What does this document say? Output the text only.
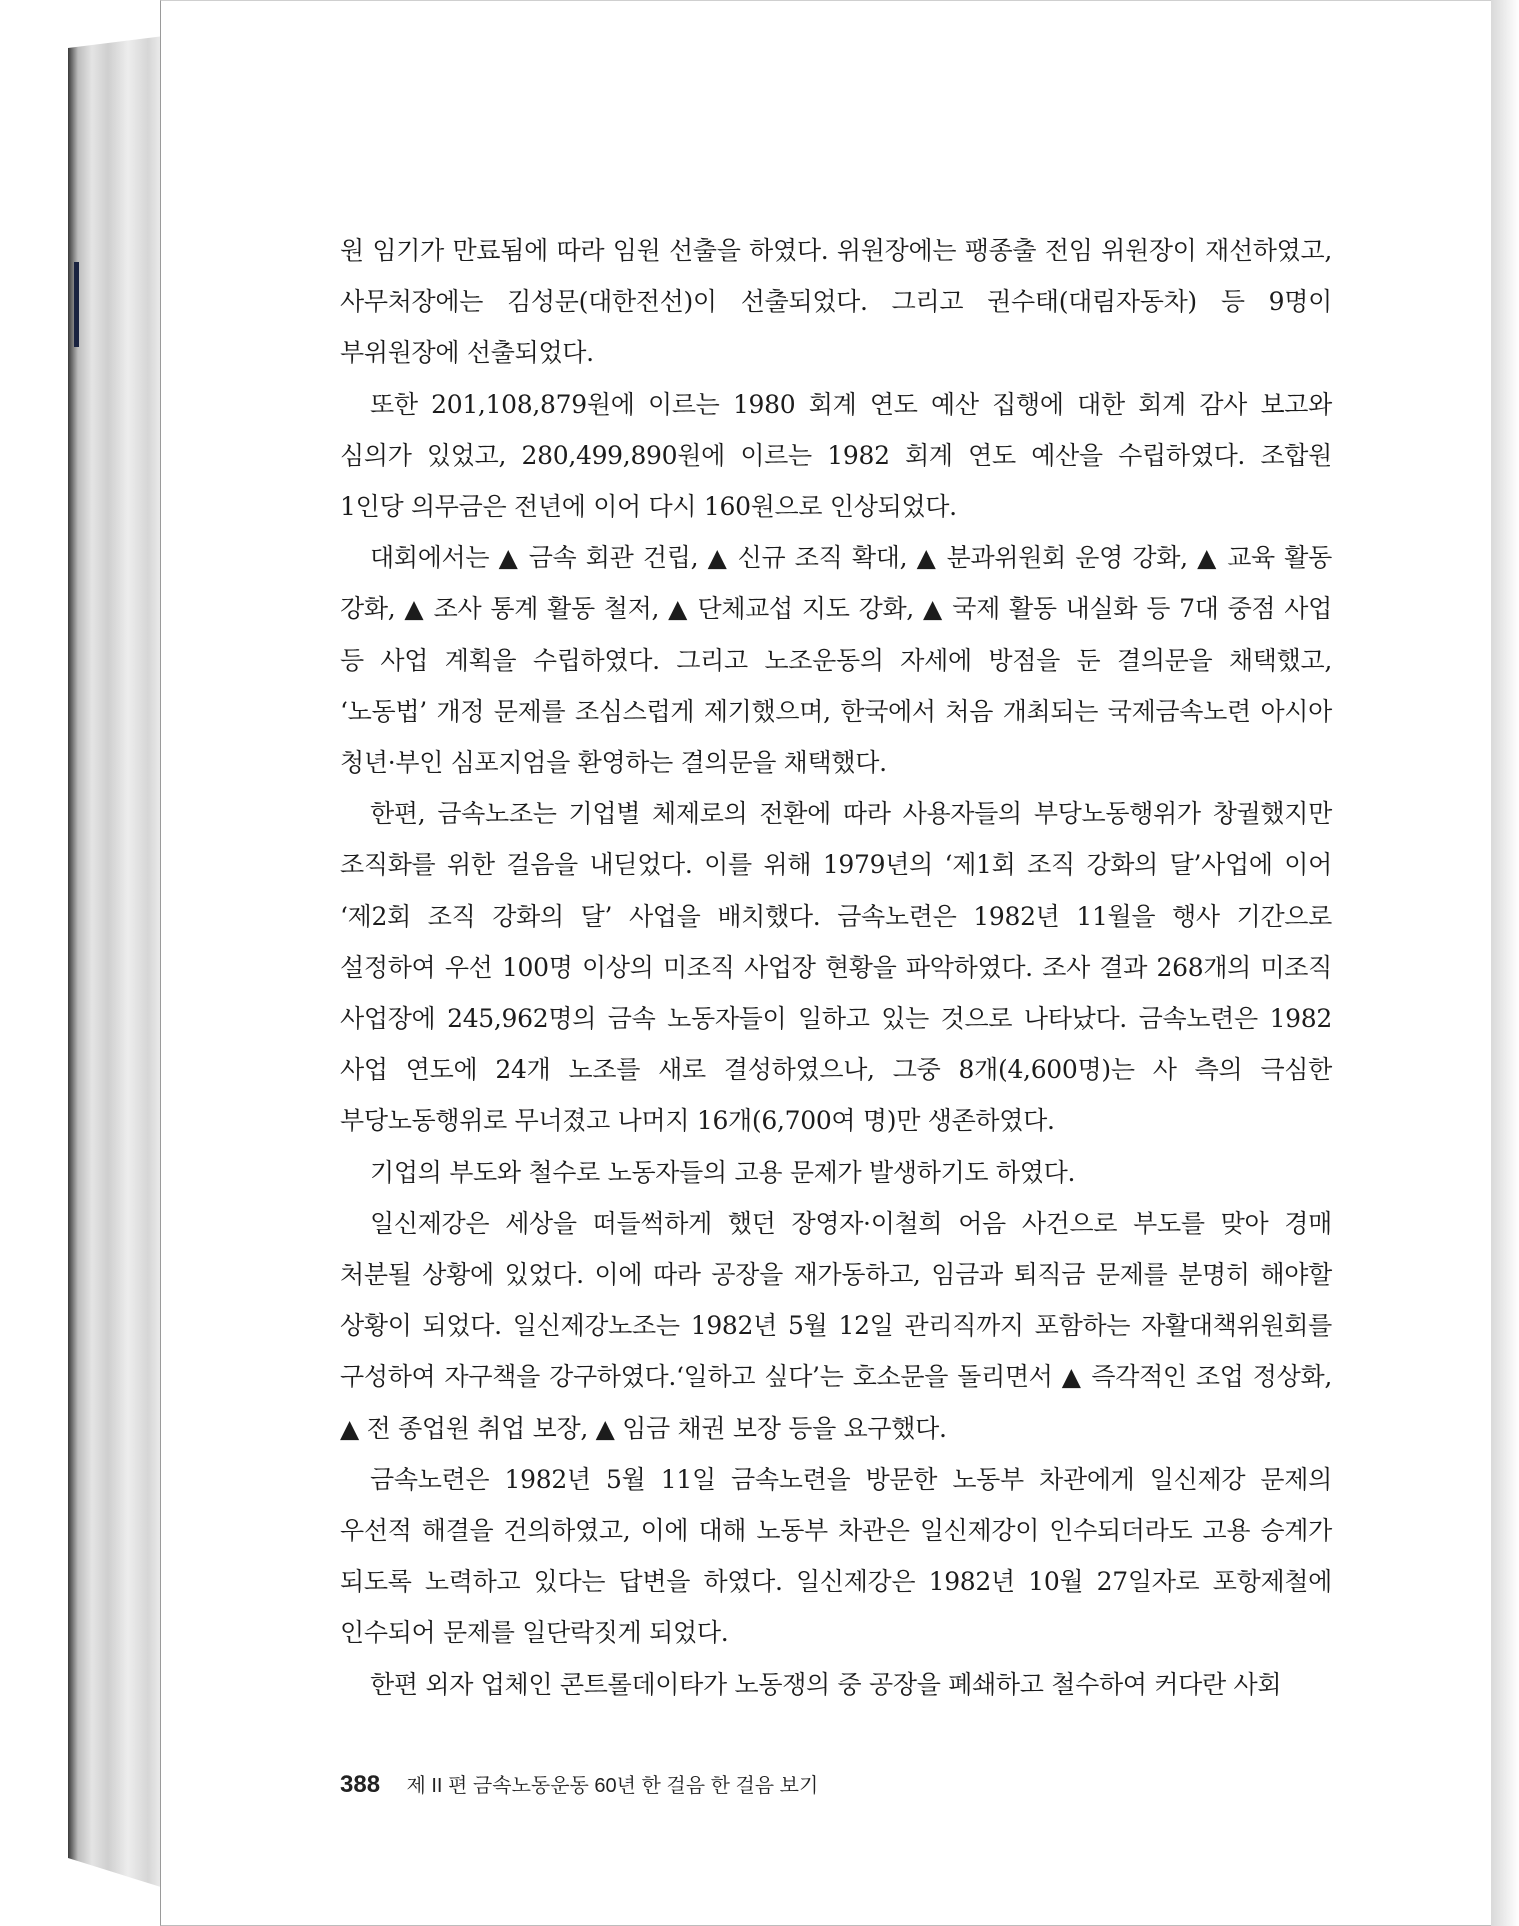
원 임기가 만료됨에 따라 임원 선출을 하였다. 위원장에는 팽종출 전임 위원장이 재선하였고, 사무처장에는 김성문(대한전선)이 선출되었다. 그리고 권수태(대림자동차) 등 9명이 부위원장에 선출되었다.

또한 201,108,879원에 이르는 1980 회계 연도 예산 집행에 대한 회계 감사 보고와 심의가 있었고, 280,499,890원에 이르는 1982 회계 연도 예산을 수립하였다. 조합원 1인당 의무금은 전년에 이어 다시 160원으로 인상되었다.

대회에서는 ▲ 금속 회관 건립, ▲ 신규 조직 확대, ▲ 분과위원회 운영 강화, ▲ 교육 활동 강화, ▲ 조사 통계 활동 철저, ▲ 단체교섭 지도 강화, ▲ 국제 활동 내실화 등 7대 중점 사업 등 사업 계획을 수립하였다. 그리고 노조운동의 자세에 방점을 둔 결의문을 채택했고, ‘노동법’ 개정 문제를 조심스럽게 제기했으며, 한국에서 처음 개최되는 국제금속노련 아시아 청년·부인 심포지엄을 환영하는 결의문을 채택했다.

한편, 금속노조는 기업별 체제로의 전환에 따라 사용자들의 부당노동행위가 창궐했지만 조직화를 위한 걸음을 내딛었다. 이를 위해 1979년의 ‘제1회 조직 강화의 달’사업에 이어 ‘제2회 조직 강화의 달’ 사업을 배치했다. 금속노련은 1982년 11월을 행사 기간으로 설정하여 우선 100명 이상의 미조직 사업장 현황을 파악하였다. 조사 결과 268개의 미조직 사업장에 245,962명의 금속 노동자들이 일하고 있는 것으로 나타났다. 금속노련은 1982 사업 연도에 24개 노조를 새로 결성하였으나, 그중 8개(4,600명)는 사 측의 극심한 부당노동행위로 무너졌고 나머지 16개(6,700여 명)만 생존하였다.

기업의 부도와 철수로 노동자들의 고용 문제가 발생하기도 하였다.

일신제강은 세상을 떠들썩하게 했던 장영자·이철희 어음 사건으로 부도를 맞아 경매 처분될 상황에 있었다. 이에 따라 공장을 재가동하고, 임금과 퇴직금 문제를 분명히 해야할 상황이 되었다. 일신제강노조는 1982년 5월 12일 관리직까지 포함하는 자활대책위원회를 구성하여 자구책을 강구하였다.‘일하고 싶다’는 호소문을 돌리면서 ▲ 즉각적인 조업 정상화, ▲ 전 종업원 취업 보장, ▲ 임금 채권 보장 등을 요구했다.

금속노련은 1982년 5월 11일 금속노련을 방문한 노동부 차관에게 일신제강 문제의 우선적 해결을 건의하였고, 이에 대해 노동부 차관은 일신제강이 인수되더라도 고용 승계가 되도록 노력하고 있다는 답변을 하였다. 일신제강은 1982년 10월 27일자로 포항제철에 인수되어 문제를 일단락짓게 되었다.

한편 외자 업체인 콘트롤데이타가 노동쟁의 중 공장을 폐쇄하고 철수하여 커다란 사회

388 제 II 편 금속노동운동 60년 한 걸음 한 걸음 보기
